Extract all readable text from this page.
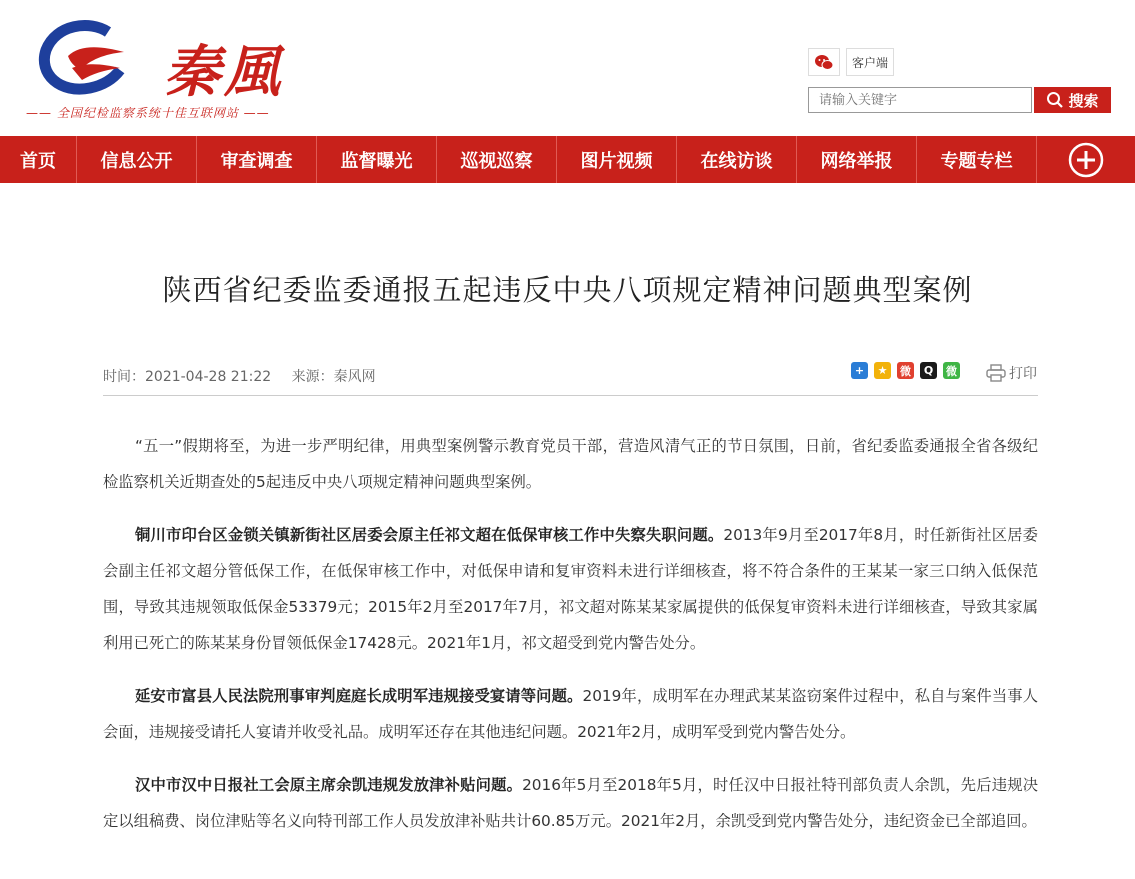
秦風
—— 全国纪检监察系统十佳互联网站 ——
客户端
请输入关键字
搜索
首页	信息公开	审查调查	监督曝光	巡视巡察	图片视频	在线访谈	网络举报	专题专栏
陕西省纪委监委通报五起违反中央八项规定精神问题典型案例
时间：2021-04-28 21:22 来源：秦风网	+	★	微	Q	微	打印

“五一”假期将至，为进一步严明纪律，用典型案例警示教育党员干部，营造风清气正的节日氛围，日前，省纪委监委通报全省各级纪检监察机关近期查处的5起违反中央八项规定精神问题典型案例。

铜川市印台区金锁关镇新街社区居委会原主任祁文超在低保审核工作中失察失职问题。2013年9月至2017年8月，时任新街社区居委会副主任祁文超分管低保工作，在低保审核工作中，对低保申请和复审资料未进行详细核查，将不符合条件的王某某一家三口纳入低保范围，导致其违规领取低保金53379元；2015年2月至2017年7月，祁文超对陈某某家属提供的低保复审资料未进行详细核查，导致其家属利用已死亡的陈某某身份冒领低保金17428元。2021年1月，祁文超受到党内警告处分。

延安市富县人民法院刑事审判庭庭长成明军违规接受宴请等问题。2019年，成明军在办理武某某盗窃案件过程中，私自与案件当事人会面，违规接受请托人宴请并收受礼品。成明军还存在其他违纪问题。2021年2月，成明军受到党内警告处分。

汉中市汉中日报社工会原主席余凯违规发放津补贴问题。2016年5月至2018年5月，时任汉中日报社特刊部负责人余凯，先后违规决定以组稿费、岗位津贴等名义向特刊部工作人员发放津补贴共计60.85万元。2021年2月，余凯受到党内警告处分，违纪资金已全部追回。
